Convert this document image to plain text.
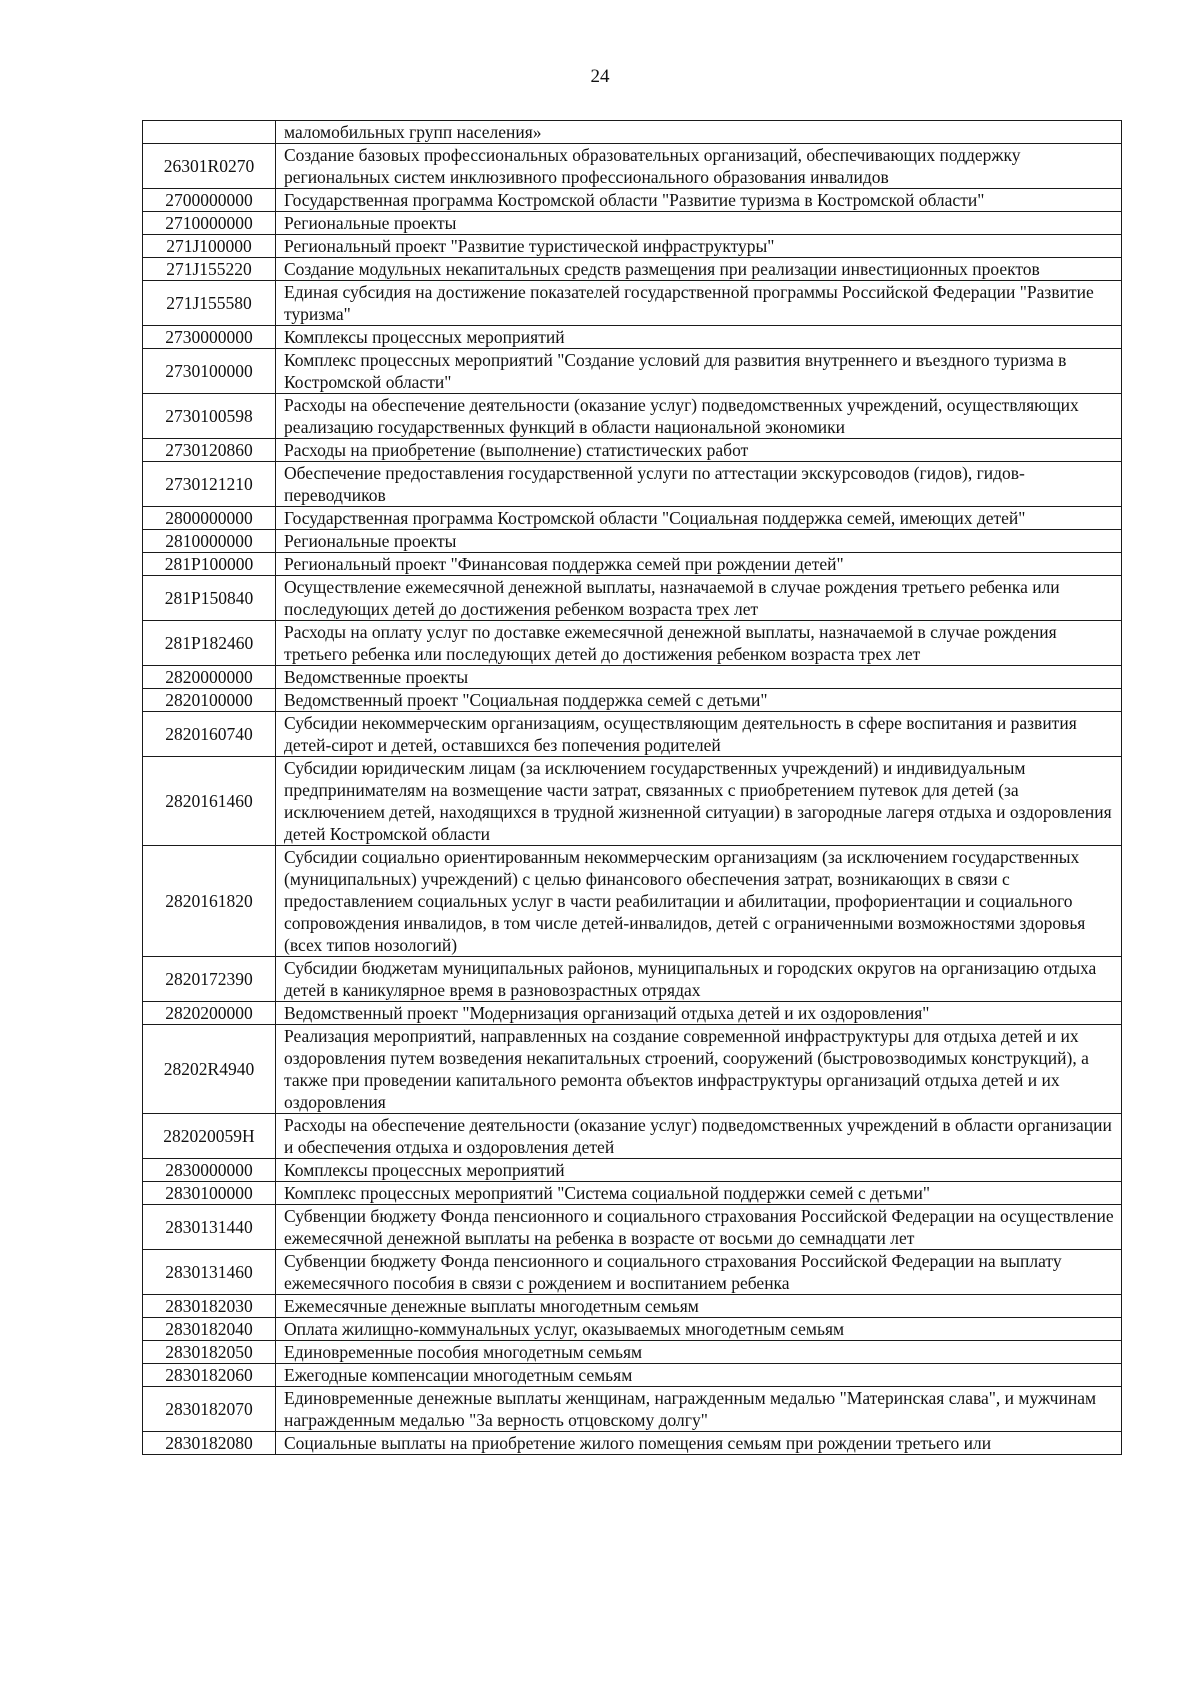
24
	маломобильных групп населения»
26301R0270	Создание базовых профессиональных образовательных организаций, обеспечивающих поддержку региональных систем инклюзивного профессионального образования инвалидов
2700000000	Государственная программа Костромской области "Развитие туризма в Костромской области"
2710000000	Региональные проекты
271J100000	Региональный проект "Развитие туристической инфраструктуры"
271J155220	Создание модульных некапитальных средств размещения при реализации инвестиционных проектов
271J155580	Единая субсидия на достижение показателей государственной программы Российской Федерации "Развитие туризма"
2730000000	Комплексы процессных мероприятий
2730100000	Комплекс процессных мероприятий "Создание условий для развития внутреннего и въездного туризма в Костромской области"
2730100598	Расходы на обеспечение деятельности (оказание услуг) подведомственных учреждений, осуществляющих реализацию государственных функций в области национальной экономики
2730120860	Расходы на приобретение (выполнение) статистических работ
2730121210	Обеспечение предоставления государственной услуги по аттестации экскурсоводов (гидов), гидов-переводчиков
2800000000	Государственная программа Костромской области "Социальная поддержка семей, имеющих детей"
2810000000	Региональные проекты
281P100000	Региональный проект "Финансовая поддержка семей при рождении детей"
281P150840	Осуществление ежемесячной денежной выплаты, назначаемой в случае рождения третьего ребенка или последующих детей до достижения ребенком возраста трех лет
281P182460	Расходы на оплату услуг по доставке ежемесячной денежной выплаты, назначаемой в случае рождения третьего ребенка или последующих детей до достижения ребенком возраста трех лет
2820000000	Ведомственные проекты
2820100000	Ведомственный проект "Социальная поддержка семей с детьми"
2820160740	Субсидии некоммерческим организациям, осуществляющим деятельность в сфере воспитания и развития детей-сирот и детей, оставшихся без попечения родителей
2820161460	Субсидии юридическим лицам (за исключением государственных учреждений) и индивидуальным предпринимателям на возмещение части затрат, связанных с приобретением путевок для детей (за исключением детей, находящихся в трудной жизненной ситуации) в загородные лагеря отдыха и оздоровления детей Костромской области
2820161820	Субсидии социально ориентированным некоммерческим организациям (за исключением государственных (муниципальных) учреждений) с целью финансового обеспечения затрат, возникающих в связи с предоставлением социальных услуг в части реабилитации и абилитации, профориентации и социального сопровождения инвалидов, в том числе детей-инвалидов, детей с ограниченными возможностями здоровья (всех типов нозологий)
2820172390	Субсидии бюджетам муниципальных районов, муниципальных и городских округов на организацию отдыха детей в каникулярное время в разновозрастных отрядах
2820200000	Ведомственный проект "Модернизация организаций отдыха детей и их оздоровления"
28202R4940	Реализация мероприятий, направленных на создание современной инфраструктуры для отдыха детей и их оздоровления путем возведения некапитальных строений, сооружений (быстровозводимых конструкций), а также при проведении капитального ремонта объектов инфраструктуры организаций отдыха детей и их оздоровления
282020059H	Расходы на обеспечение деятельности (оказание услуг) подведомственных учреждений в области организации и обеспечения отдыха и оздоровления детей
2830000000	Комплексы процессных мероприятий
2830100000	Комплекс процессных мероприятий "Система социальной поддержки семей с детьми"
2830131440	Субвенции бюджету Фонда пенсионного и социального страхования Российской Федерации на осуществление ежемесячной денежной выплаты на ребенка в возрасте от восьми до семнадцати лет
2830131460	Субвенции бюджету Фонда пенсионного и социального страхования Российской Федерации на выплату ежемесячного пособия в связи с рождением и воспитанием ребенка
2830182030	Ежемесячные денежные выплаты многодетным семьям
2830182040	Оплата жилищно-коммунальных услуг, оказываемых многодетным семьям
2830182050	Единовременные пособия многодетным семьям
2830182060	Ежегодные компенсации многодетным семьям
2830182070	Единовременные денежные выплаты женщинам, награжденным медалью "Материнская слава", и мужчинам награжденным медалью "За верность отцовскому долгу"
2830182080	Социальные выплаты на приобретение жилого помещения семьям при рождении третьего или
